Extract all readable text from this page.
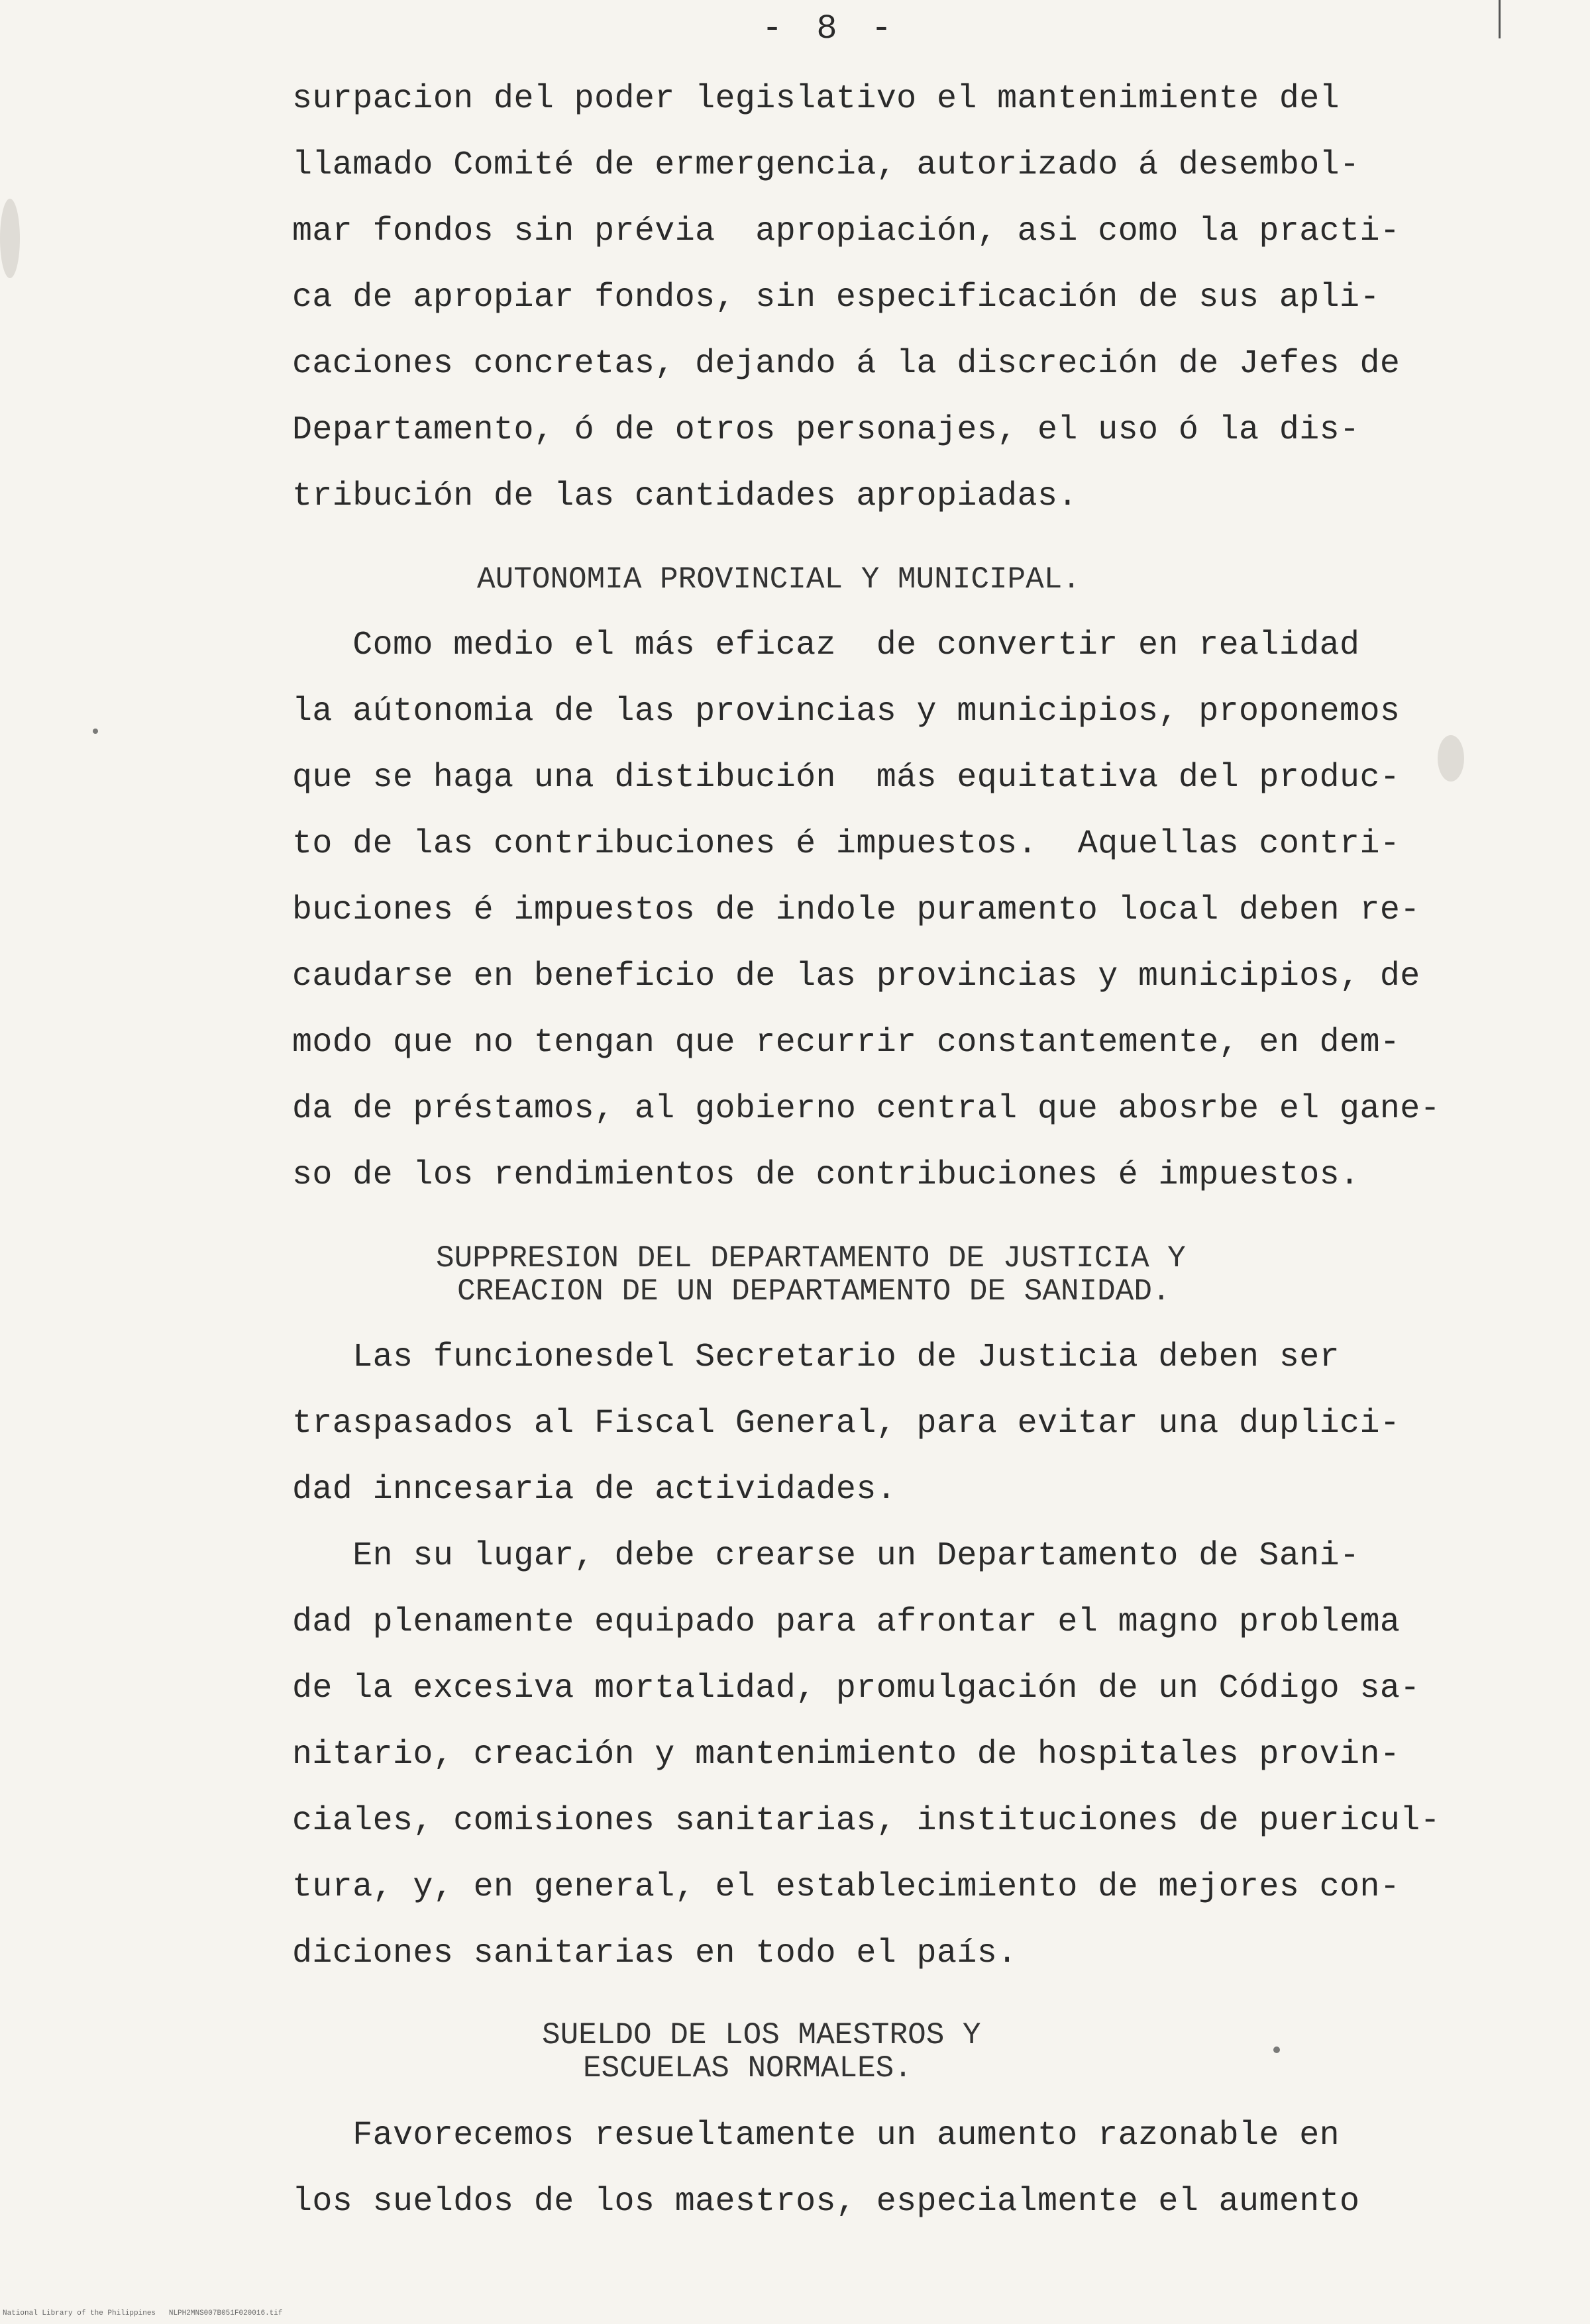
- 8 -
surpacion del poder legislativo el mantenimiente del
llamado Comité de ermergencia, autorizado á desembol-
mar fondos sin prévia  apropiación, asi como la practi-
ca de apropiar fondos, sin especificación de sus apli-
caciones concretas, dejando á la discreción de Jefes de
Departamento, ó de otros personajes, el uso ó la dis-
tribución de las cantidades apropiadas.
AUTONOMIA PROVINCIAL Y MUNICIPAL.
Como medio el más eficaz  de convertir en realidad
la aútonomia de las provincias y municipios, proponemos
que se haga una distibución  más equitativa del produc-
to de las contribuciones é impuestos.  Aquellas contri-
buciones é impuestos de indole puramento local deben re-
caudarse en beneficio de las provincias y municipios, de
modo que no tengan que recurrir constantemente, en dem-
da de préstamos, al gobierno central que abosrbe el gane-
so de los rendimientos de contribuciones é impuestos.
SUPPRESION DEL DEPARTAMENTO DE JUSTICIA Y
CREACION DE UN DEPARTAMENTO DE SANIDAD.
Las funcionesdel Secretario de Justicia deben ser
traspasados al Fiscal General, para evitar una duplici-
dad inncesaria de actividades.
En su lugar, debe crearse un Departamento de Sani-
dad plenamente equipado para afrontar el magno problema
de la excesiva mortalidad, promulgación de un Código sa-
nitario, creación y mantenimiento de hospitales provin-
ciales, comisiones sanitarias, instituciones de puericul-
tura, y, en general, el establecimiento de mejores con-
diciones sanitarias en todo el país.
SUELDO DE LOS MAESTROS Y
ESCUELAS NORMALES.
Favorecemos resueltamente un aumento razonable en
los sueldos de los maestros, especialmente el aumento
National Library of the Philippines NLPH2MNS007B051F020016.tif
